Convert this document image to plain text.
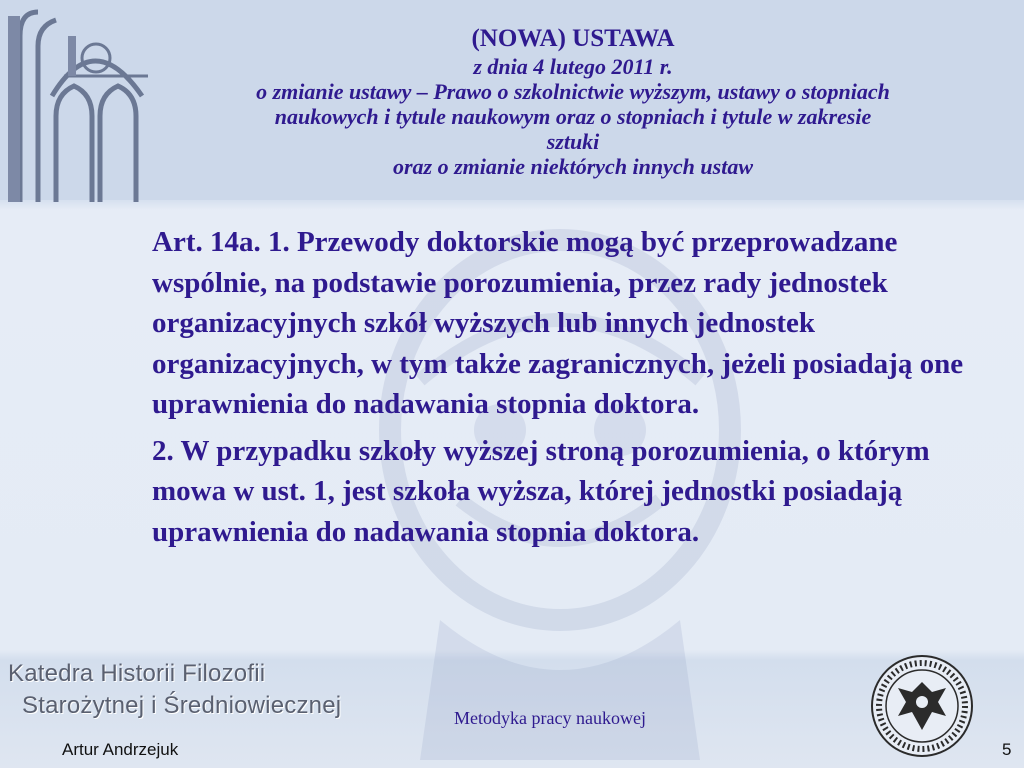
(NOWA) USTAWA
z dnia 4 lutego 2011 r.
o zmianie ustawy – Prawo o szkolnictwie wyższym, ustawy o stopniach
naukowych i tytule naukowym oraz o stopniach i tytule w zakresie
sztuki
oraz o zmianie niektórych innych ustaw

Art. 14a. 1. Przewody doktorskie mogą być przeprowadzane wspólnie, na podstawie porozumienia, przez rady jednostek organizacyjnych szkół wyższych lub innych jednostek organizacyjnych, w tym także zagranicznych, jeżeli posiadają one uprawnienia do nadawania stopnia doktora.

2. W przypadku szkoły wyższej stroną porozumienia, o którym mowa w ust. 1, jest szkoła wyższa, której jednostki posiadają uprawnienia do nadawania stopnia doktora.

Katedra Historii Filozofii
Starożytnej i Średniowiecznej	Metodyka pracy naukowej
Artur Andrzejuk	5
